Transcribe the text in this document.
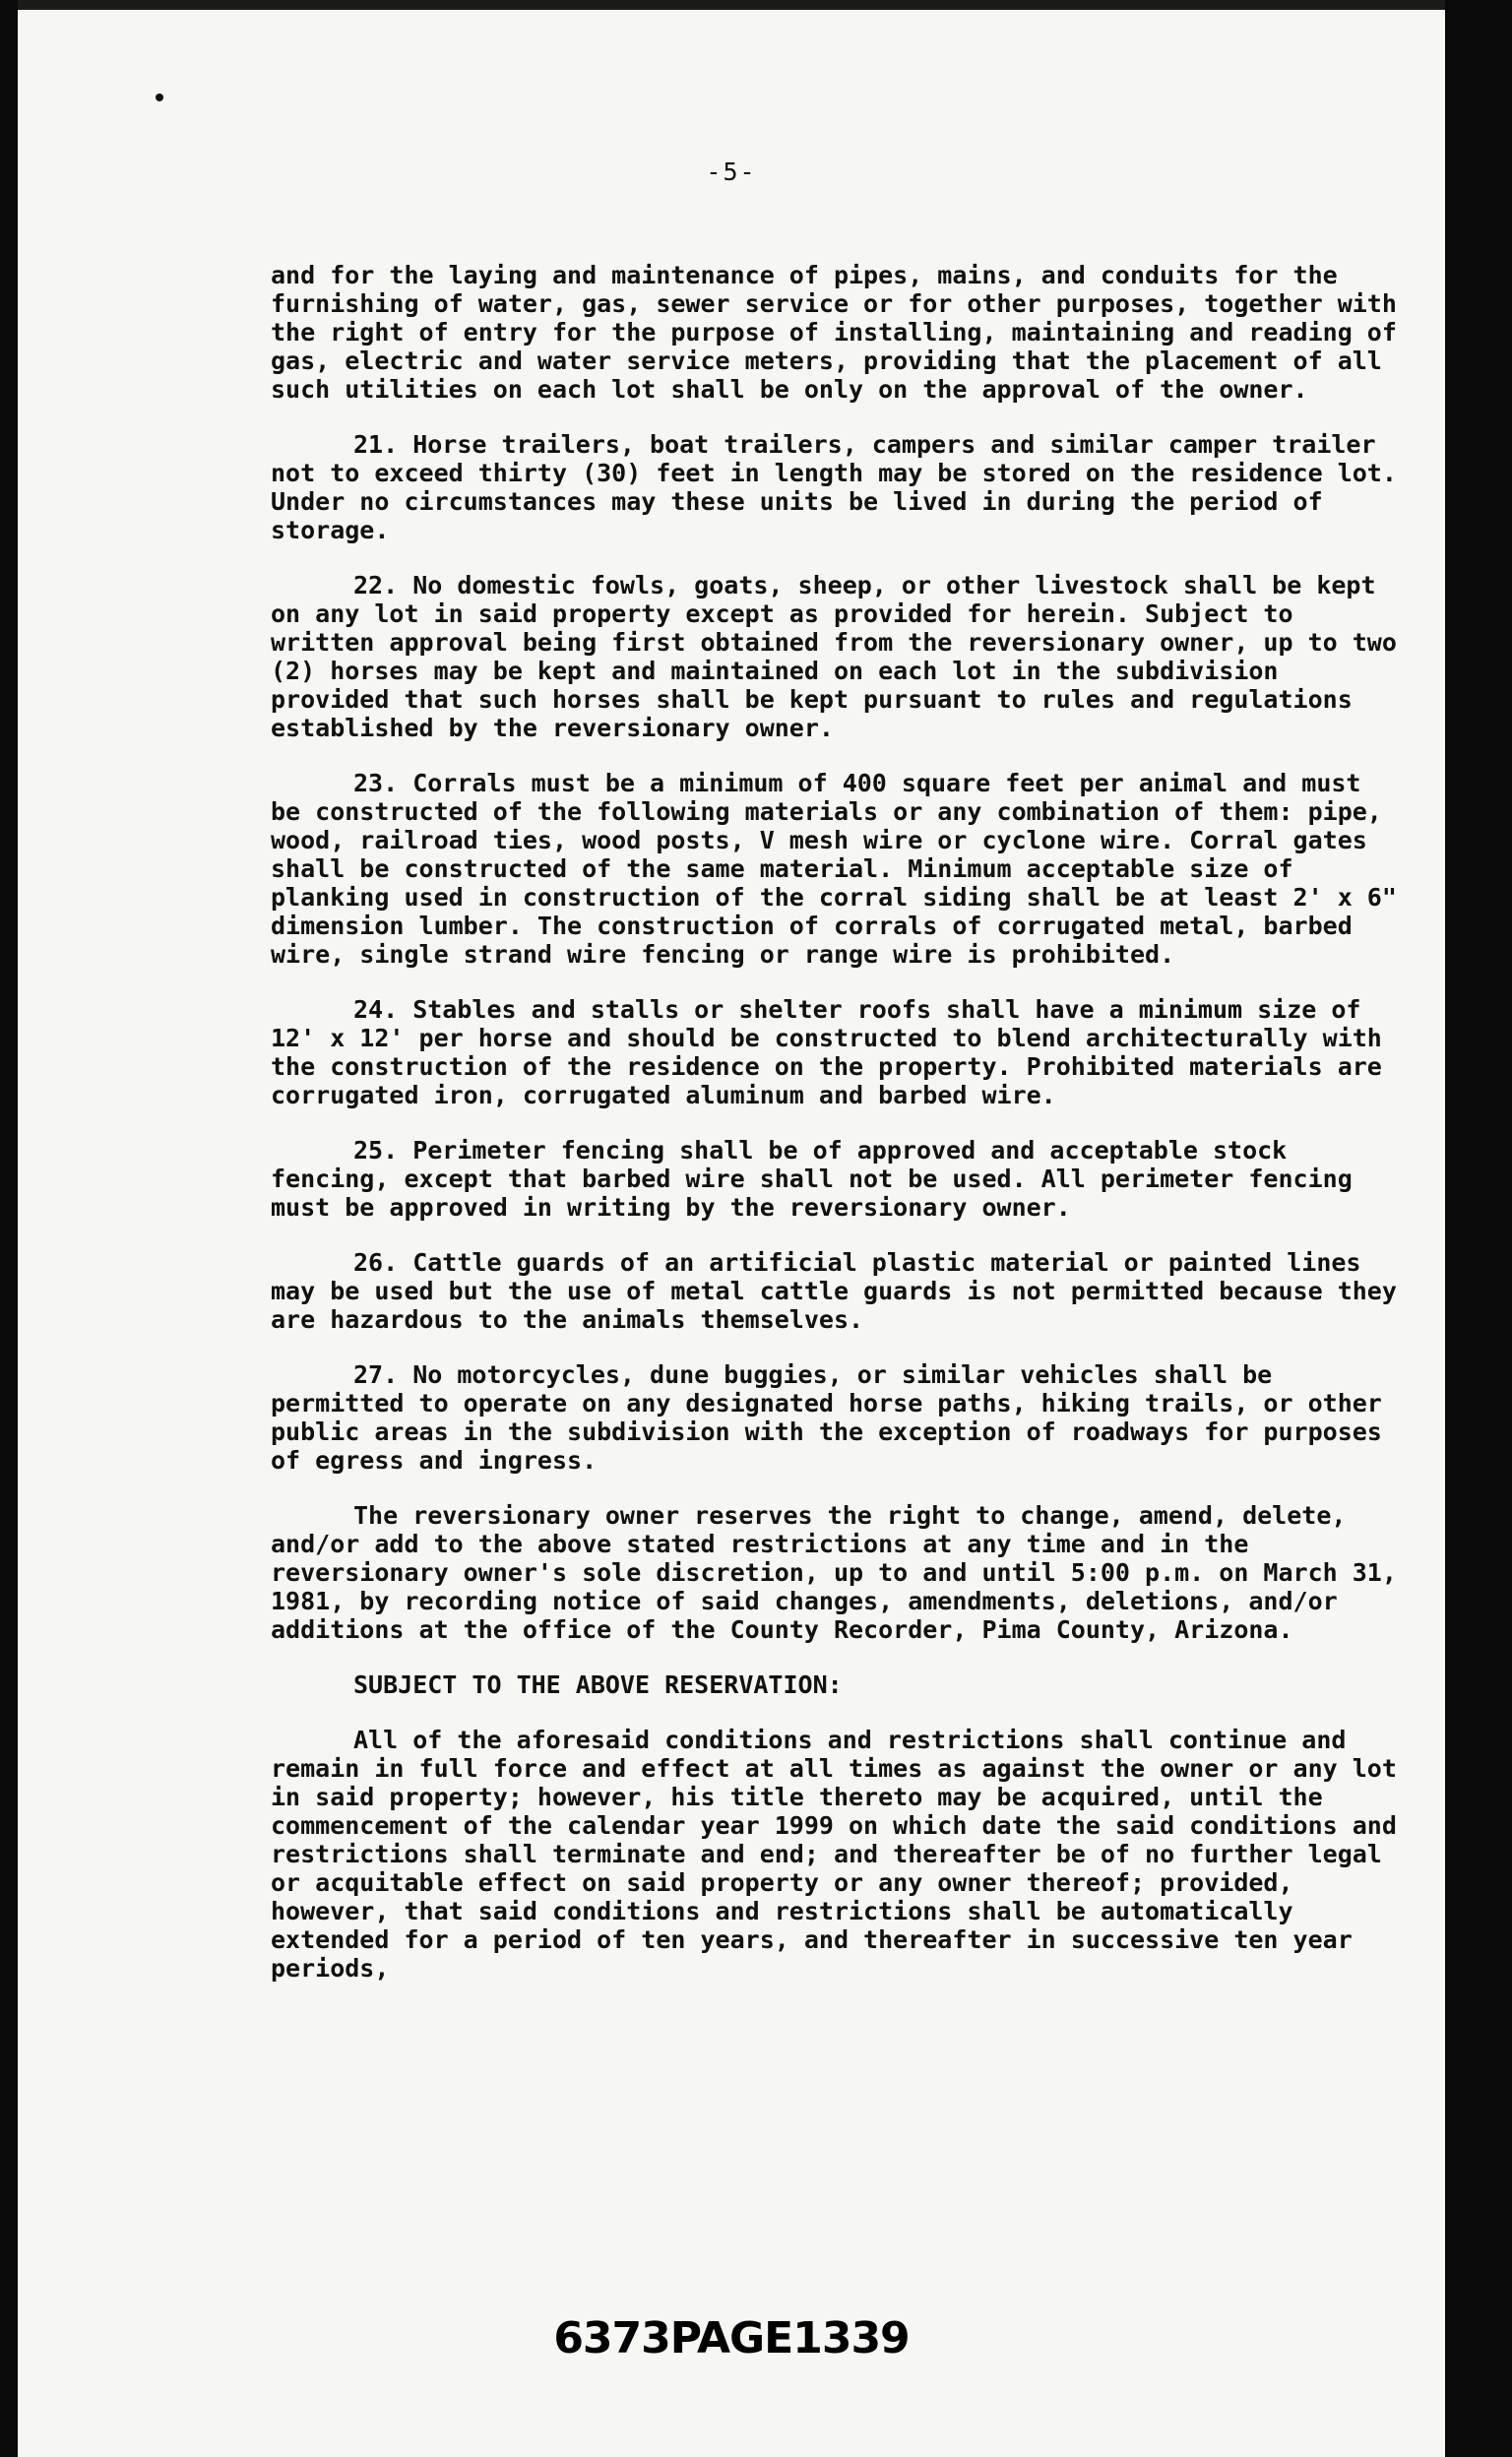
-5-

and for the laying and maintenance of pipes, mains, and conduits for the furnishing of water, gas, sewer service or for other purposes, together with the right of entry for the purpose of installing, maintaining and reading of gas, electric and water service meters, providing that the placement of all such utilities on each lot shall be only on the approval of the owner.

21. Horse trailers, boat trailers, campers and similar camper trailer not to exceed thirty (30) feet in length may be stored on the residence lot. Under no circumstances may these units be lived in during the period of storage.

22. No domestic fowls, goats, sheep, or other livestock shall be kept on any lot in said property except as provided for herein. Subject to written approval being first obtained from the reversionary owner, up to two (2) horses may be kept and maintained on each lot in the subdivision provided that such horses shall be kept pursuant to rules and regulations established by the reversionary owner.

23. Corrals must be a minimum of 400 square feet per animal and must be constructed of the following materials or any combination of them: pipe, wood, railroad ties, wood posts, V mesh wire or cyclone wire. Corral gates shall be constructed of the same material. Minimum acceptable size of planking used in construction of the corral siding shall be at least 2' x 6" dimension lumber. The construction of corrals of corrugated metal, barbed wire, single strand wire fencing or range wire is prohibited.

24. Stables and stalls or shelter roofs shall have a minimum size of 12' x 12' per horse and should be constructed to blend architecturally with the construction of the residence on the property. Prohibited materials are corrugated iron, corrugated aluminum and barbed wire.

25. Perimeter fencing shall be of approved and acceptable stock fencing, except that barbed wire shall not be used. All perimeter fencing must be approved in writing by the reversionary owner.

26. Cattle guards of an artificial plastic material or painted lines may be used but the use of metal cattle guards is not permitted because they are hazardous to the animals themselves.

27. No motorcycles, dune buggies, or similar vehicles shall be permitted to operate on any designated horse paths, hiking trails, or other public areas in the subdivision with the exception of roadways for purposes of egress and ingress.

The reversionary owner reserves the right to change, amend, delete, and/or add to the above stated restrictions at any time and in the reversionary owner's sole discretion, up to and until 5:00 p.m. on March 31, 1981, by recording notice of said changes, amendments, deletions, and/or additions at the office of the County Recorder, Pima County, Arizona.

SUBJECT TO THE ABOVE RESERVATION:

All of the aforesaid conditions and restrictions shall continue and remain in full force and effect at all times as against the owner or any lot in said property; however, his title thereto may be acquired, until the commencement of the calendar year 1999 on which date the said conditions and restrictions shall terminate and end; and thereafter be of no further legal or acquitable effect on said property or any owner thereof; provided, however, that said conditions and restrictions shall be automatically extended for a period of ten years, and thereafter in successive ten year periods,

6373PAGE1339
